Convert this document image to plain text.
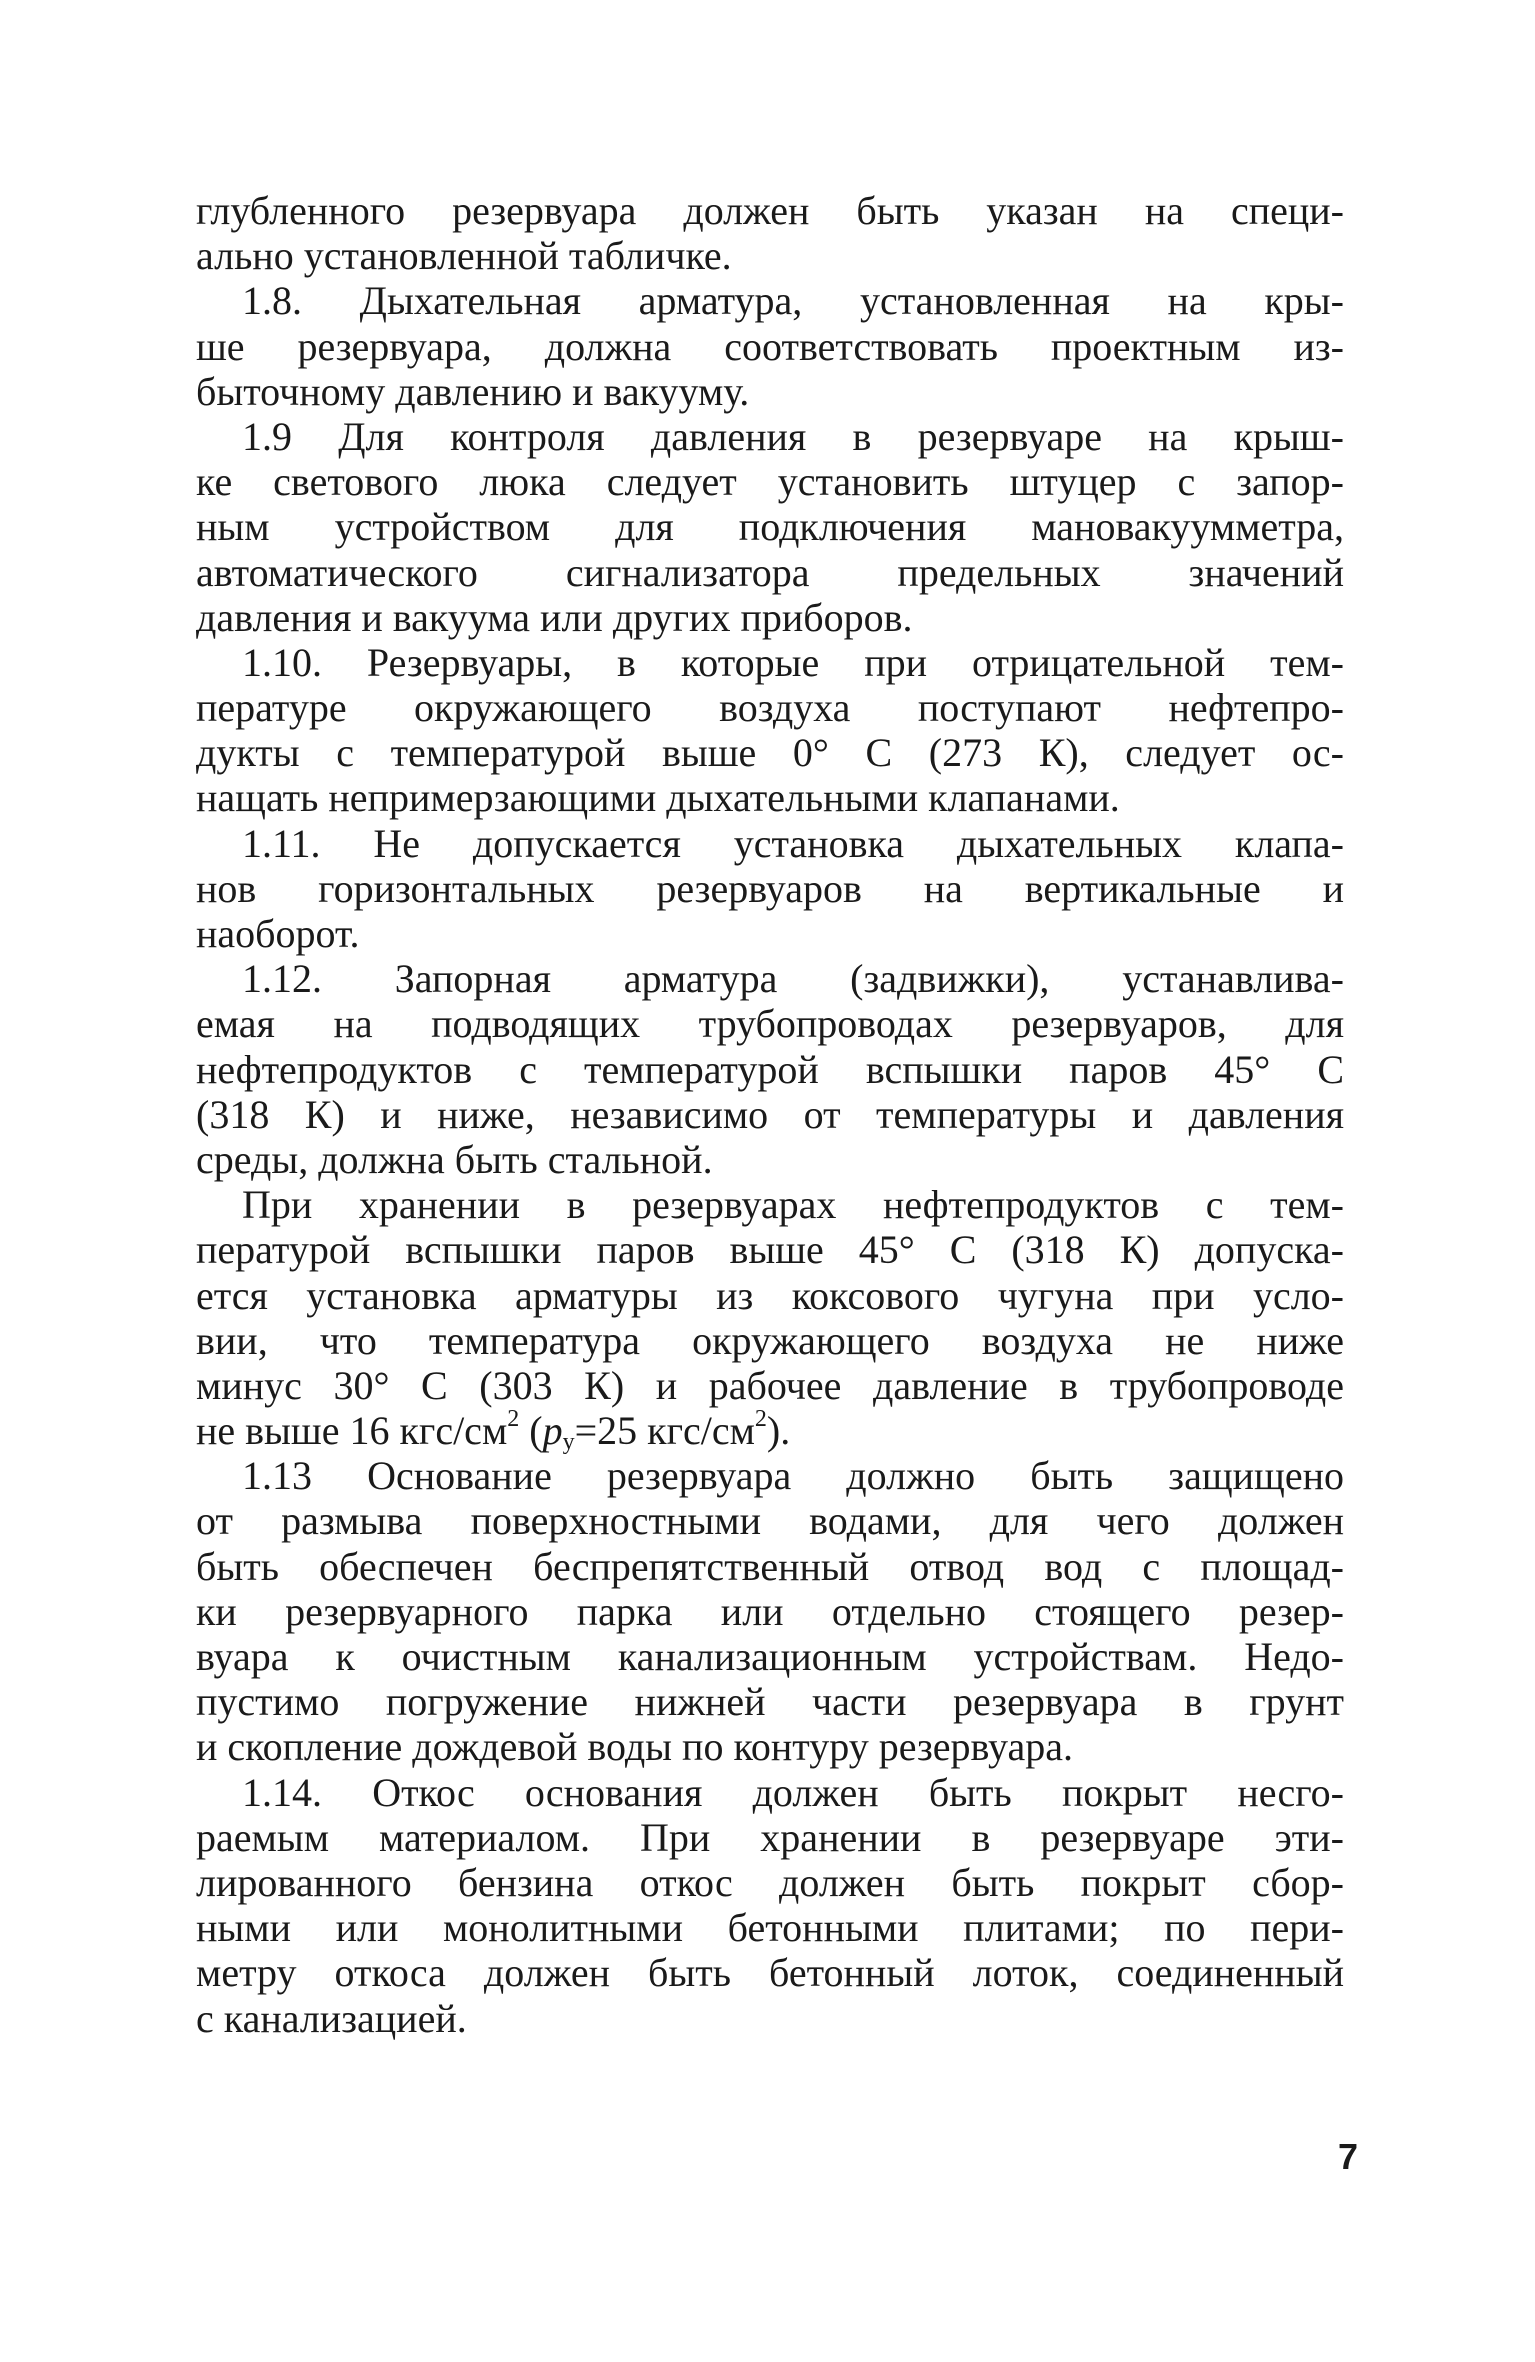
глубленного резервуара должен быть указан на специ-
ально установленной табличке.
1.8. Дыхательная арматура, установленная на кры-
ше резервуара, должна соответствовать проектным из-
быточному давлению и вакууму.
1.9 Для контроля давления в резервуаре на крыш-
ке светового люка следует установить штуцер с запор-
ным устройством для подключения мановакуумметра,
автоматического сигнализатора предельных значений
давления и вакуума или других приборов.
1.10. Резервуары, в которые при отрицательной тем-
пературе окружающего воздуха поступают нефтепро-
дукты с температурой выше 0° С (273 К), следует ос-
нащать непримерзающими дыхательными клапанами.
1.11. Не допускается установка дыхательных клапа-
нов горизонтальных резервуаров на вертикальные и
наоборот.
1.12. Запорная арматура (задвижки), устанавлива-
емая на подводящих трубопроводах резервуаров, для
нефтепродуктов с температурой вспышки паров 45° С
(318 К) и ниже, независимо от температуры и давления
среды, должна быть стальной.
При хранении в резервуарах нефтепродуктов с тем-
пературой вспышки паров выше 45° С (318 К) допуска-
ется установка арматуры из коксового чугуна при усло-
вии, что температура окружающего воздуха не ниже
минус 30° С (303 К) и рабочее давление в трубопроводе
не выше 16 кгс/$см^2$ ($р_у=25$ кгс/$см^2$).
1.13 Основание резервуара должно быть защищено
от размыва поверхностными водами, для чего должен
быть обеспечен беспрепятственный отвод вод с площад-
ки резервуарного парка или отдельно стоящего резер-
вуара к очистным канализационным устройствам. Недо-
пустимо погружение нижней части резервуара в грунт
и скопление дождевой воды по контуру резервуара.
1.14. Откос основания должен быть покрыт несго-
раемым материалом. При хранении в резервуаре эти-
лированного бензина откос должен быть покрыт сбор-
ными или монолитными бетонными плитами; по пери-
метру откоса должен быть бетонный лоток, соединенный
с канализацией.
7
